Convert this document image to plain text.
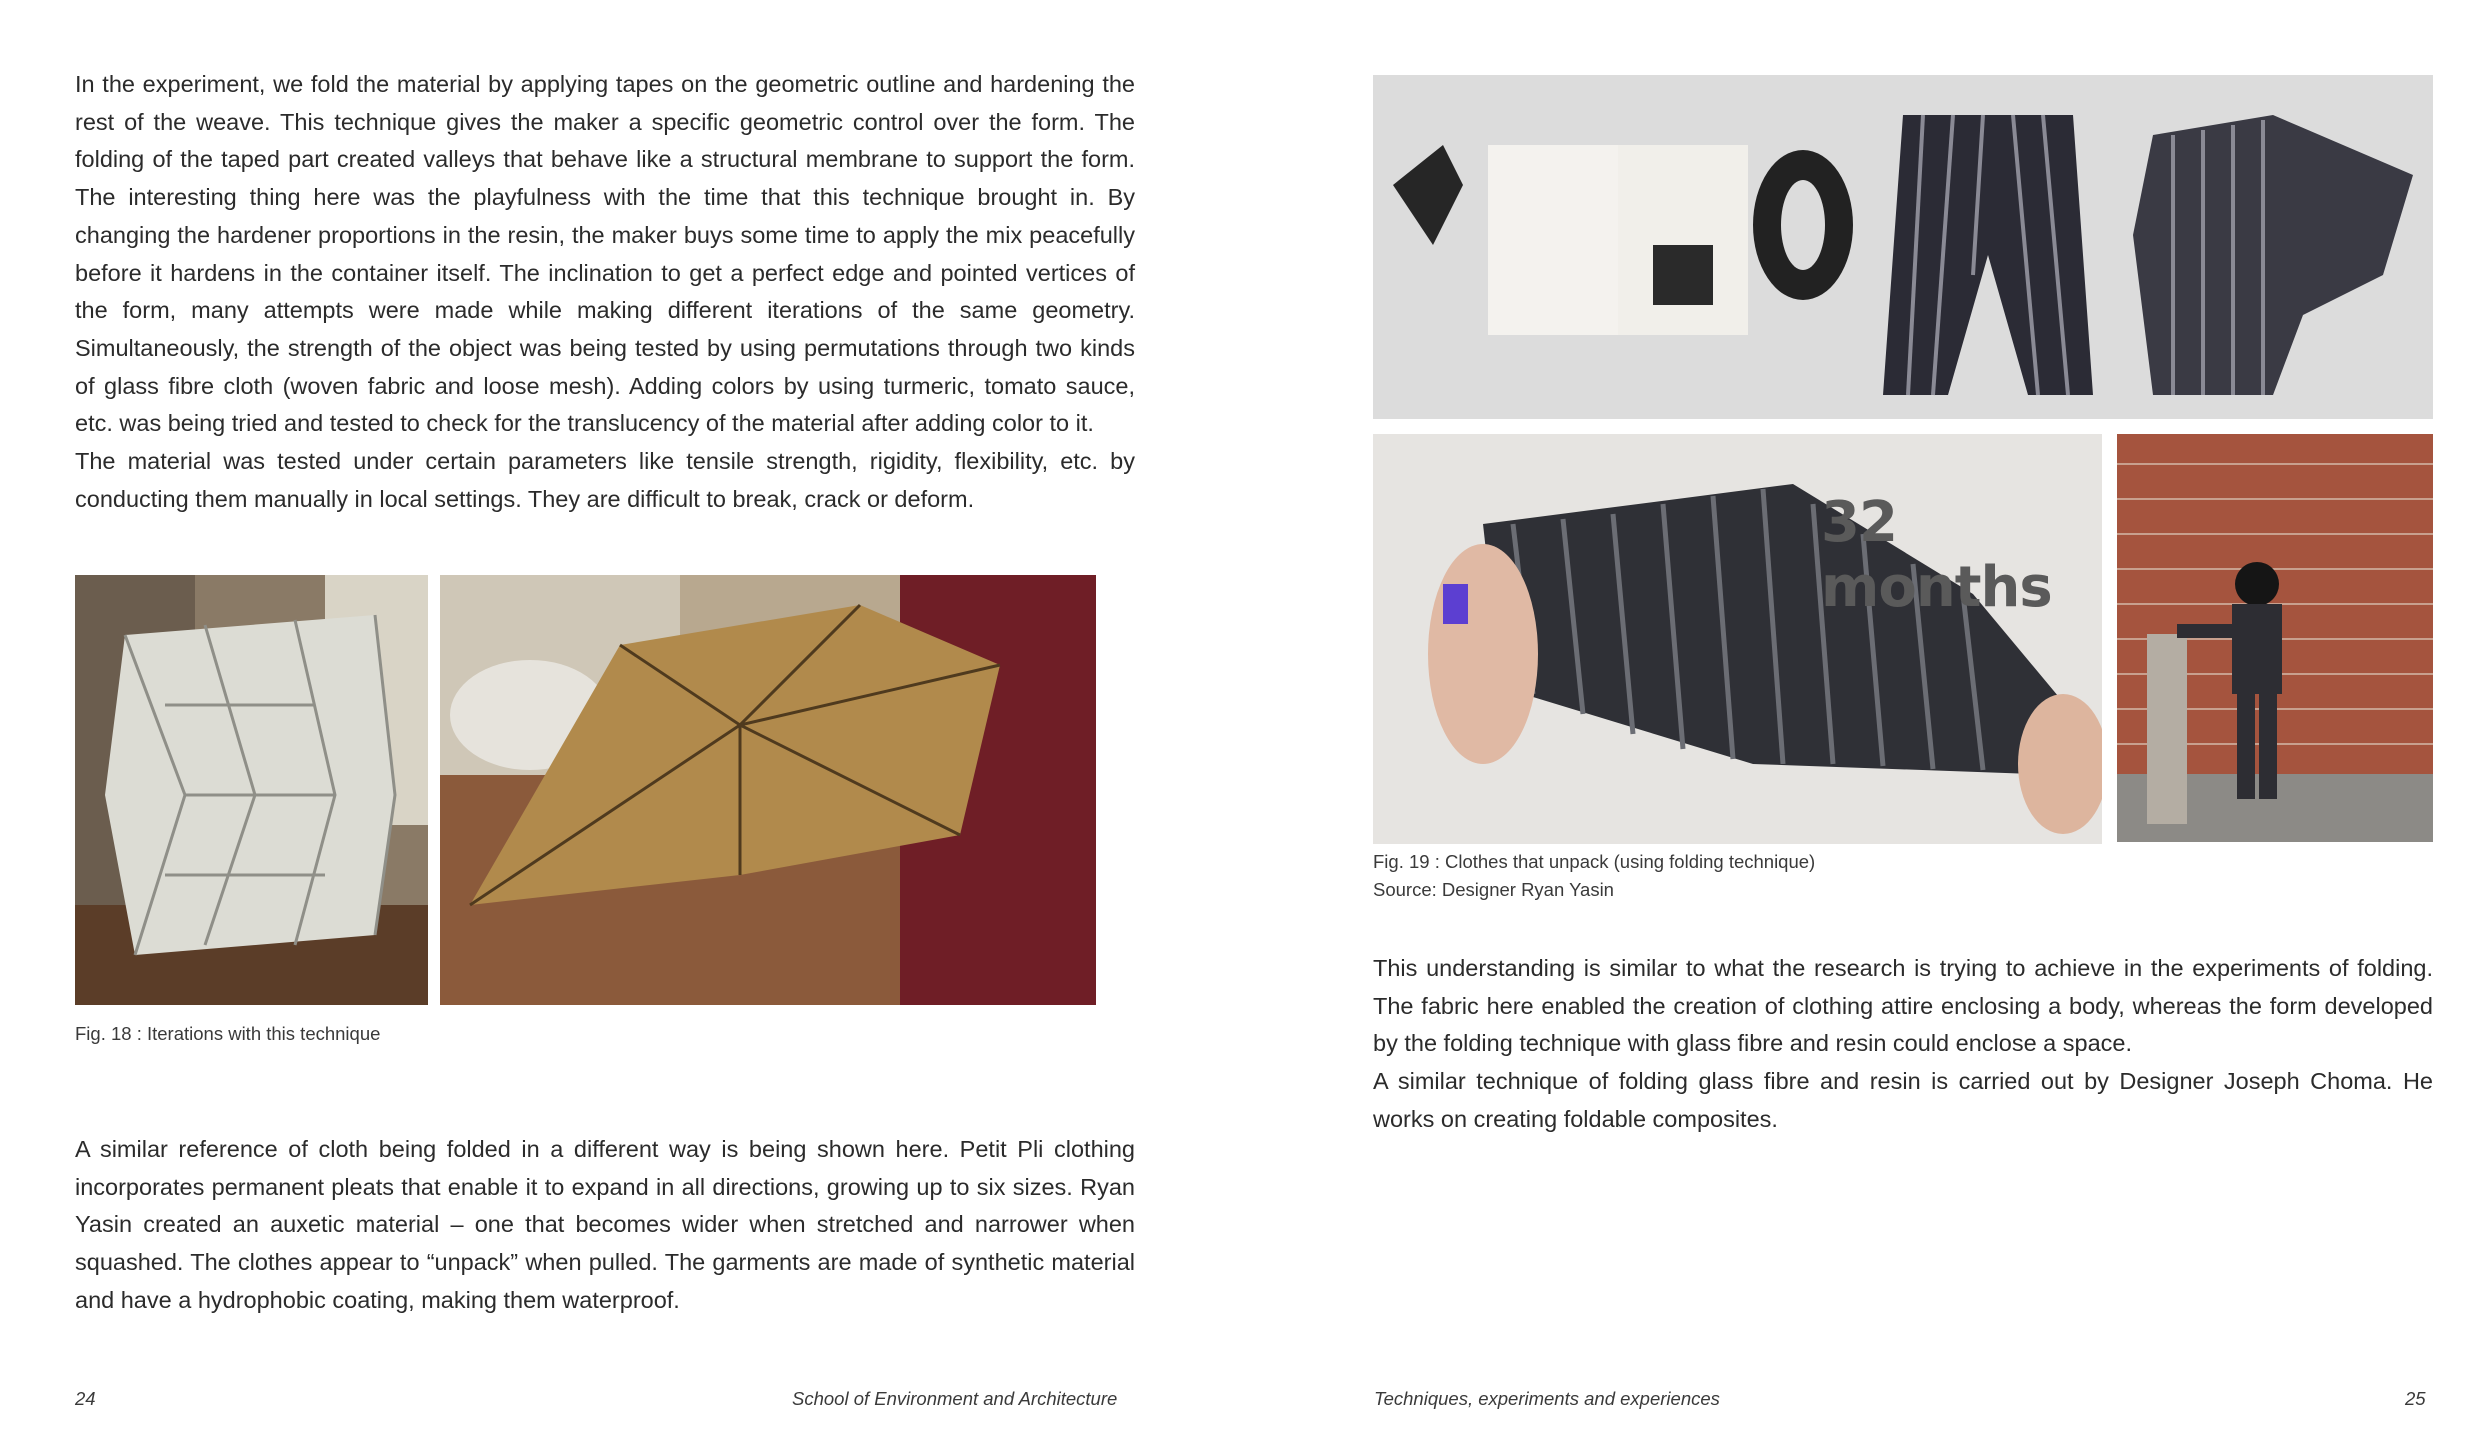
In the experiment, we fold the material by applying tapes on the geometric outline and hardening the rest of the weave. This technique gives the maker a specific geometric control over the form. The folding of the taped part created valleys that behave like a structural membrane to support the form. The interesting thing here was the playfulness with the time that this technique brought in. By changing the hardener proportions in the resin, the maker buys some time to apply the mix peacefully before it hardens in the container itself. The inclination to get a perfect edge and pointed vertices of the form, many attempts were made while making different iterations of the same geometry. Simultaneously, the strength of the object was being tested by using permutations through two kinds of glass fibre cloth (woven fabric and loose mesh). Adding colors by using turmeric, tomato sauce, etc. was being tried and tested to check for the translucency of the material after adding color to it.

The material was tested under certain parameters like tensile strength, rigidity, flexibility, etc. by conducting them manually in local settings. They are difficult to break, crack or deform.

Fig. 18 : Iterations with this technique
A similar reference of cloth being folded in a different way is being shown here. Petit Pli clothing incorporates permanent pleats that enable it to expand in all directions, growing up to six sizes. Ryan Yasin created an auxetic material – one that becomes wider when stretched and narrower when squashed. The clothes appear to “unpack” when pulled. The garments are made of synthetic material and have a hydrophobic coating, making them waterproof.
24	School of Environment and Architecture
32 months
Fig. 19 : Clothes that unpack (using folding technique)
Source: Designer Ryan Yasin

This understanding is similar to what the research is trying to achieve in the experiments of folding. The fabric here enabled the creation of clothing attire enclosing a body, whereas the form developed by the folding technique with glass fibre and resin could enclose a space.

A similar technique of folding glass fibre and resin is carried out by Designer Joseph Choma. He works on creating foldable composites.

Techniques, experiments and experiences	25
